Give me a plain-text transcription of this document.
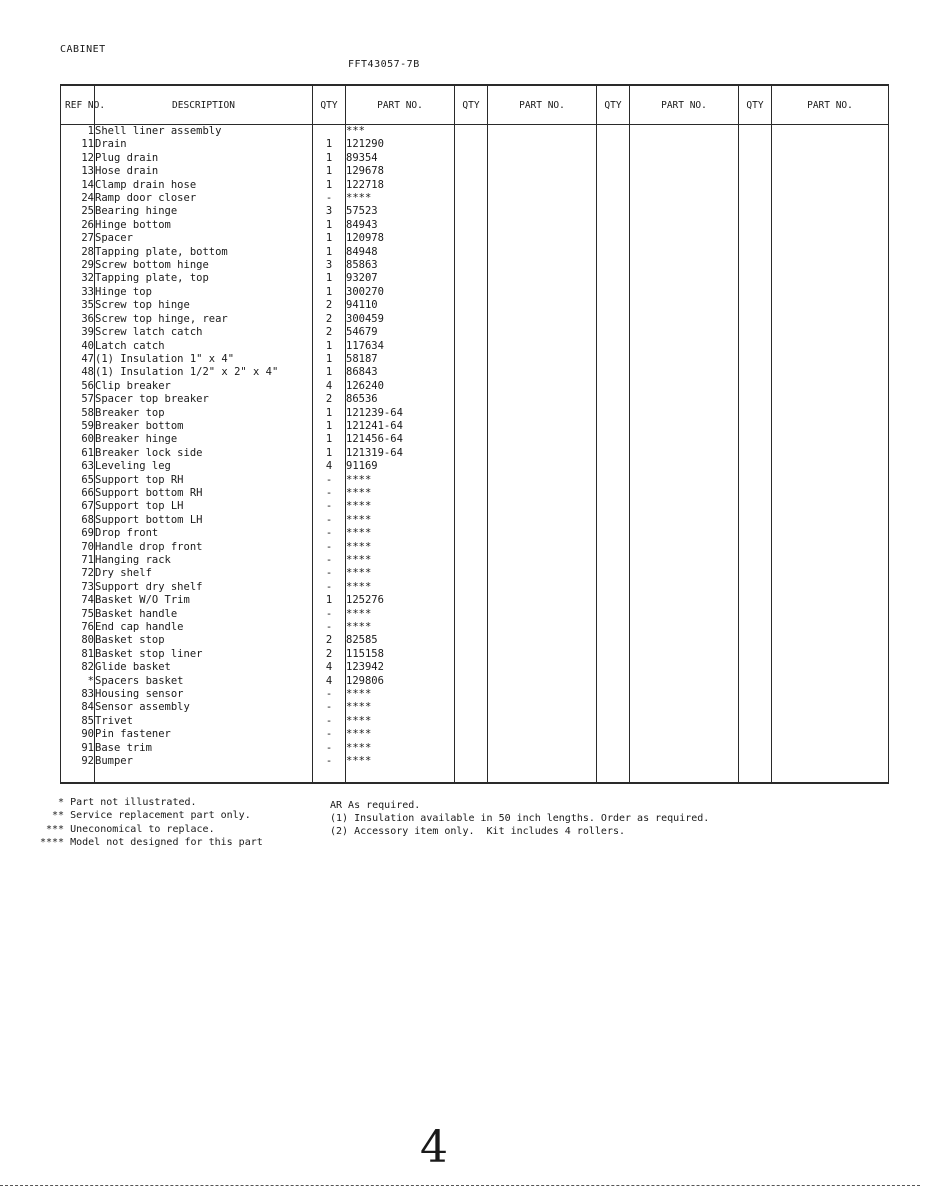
CABINET
FFT43057-7B
REF NO.	DESCRIPTION	QTY	PART NO.	QTY	PART NO.	QTY	PART NO.	QTY	PART NO.
1	Shell liner assembly		***						
11	Drain	1	121290						
12	Plug drain	1	89354						
13	Hose drain	1	129678						
14	Clamp drain hose	1	122718						
24	Ramp door closer	-	****						
25	Bearing hinge	3	57523						
26	Hinge bottom	1	84943						
27	Spacer	1	120978						
28	Tapping plate, bottom	1	84948						
29	Screw bottom hinge	3	85863						
32	Tapping plate, top	1	93207						
33	Hinge top	1	300270						
35	Screw top hinge	2	94110						
36	Screw top hinge, rear	2	300459						
39	Screw latch catch	2	54679						
40	Latch catch	1	117634						
47	(1) Insulation 1" x 4"	1	58187						
48	(1) Insulation 1/2" x 2" x 4"	1	86843						
56	Clip breaker	4	126240						
57	Spacer top breaker	2	86536						
58	Breaker top	1	121239-64						
59	Breaker bottom	1	121241-64						
60	Breaker hinge	1	121456-64						
61	Breaker lock side	1	121319-64						
63	Leveling leg	4	91169						
65	Support top RH	-	****						
66	Support bottom RH	-	****						
67	Support top LH	-	****						
68	Support bottom LH	-	****						
69	Drop front	-	****						
70	Handle drop front	-	****						
71	Hanging rack	-	****						
72	Dry shelf	-	****						
73	Support dry shelf	-	****						
74	Basket W/O Trim	1	125276						
75	Basket handle	-	****						
76	End cap handle	-	****						
80	Basket stop	2	82585						
81	Basket stop liner	2	115158						
82	Glide basket	4	123942						
*	Spacers basket	4	129806						
83	Housing sensor	-	****						
84	Sensor assembly	-	****						
85	Trivet	-	****						
90	Pin fastener	-	****						
91	Base trim	-	****						
92	Bumper	-	****						

* Part not illustrated.
** Service replacement part only.
*** Uneconomical to replace.
**** Model not designed for this part
AR As required.
(1) Insulation available in 50 inch lengths. Order as required.
(2) Accessory item only.  Kit includes 4 rollers.
4
